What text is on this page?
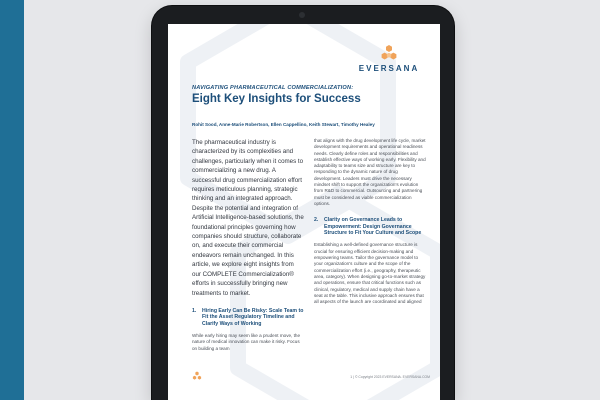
EVERSANA
NAVIGATING PHARMACEUTICAL COMMERCIALIZATION:
Eight Key Insights for Success
Rohit Sood, Anne-Marie Robertson, Ellen Cappellino, Keith Stewart, Timothy Healey

The pharmaceutical industry is characterized by its complexities and challenges, particularly when it comes to commercializing a new drug. A successful drug commercialization effort requires meticulous planning, strategic thinking and an integrated approach. Despite the potential and integration of Artificial Intelligence-based solutions, the foundational principles governing how companies should structure, collaborate on, and execute their commercial endeavors remain unchanged. In this article, we explore eight insights from our COMPLETE Commercialization® efforts in successfully bringing new treatments to market.

1. Hiring Early Can Be Risky: Scale Team to Fit the Asset Regulatory Timeline and Clarify Ways of Working

While early hiring may seem like a prudent move, the nature of medical innovation can make it risky. Focus on building a team

that aligns with the drug development life cycle, market development requirements and operational readiness needs. Clearly define roles and responsibilities and establish effective ways of working early. Flexibility and adaptability to teams size and structure are key to responding to the dynamic nature of drug development. Leaders must drive the necessary mindset shift to support the organization's evolution from R&D to commercial. Outsourcing and partnering must be considered as viable commercialization options.

2. Clarity on Governance Leads to Empowerment: Design Governance Structure to Fit Your Culture and Scope

Establishing a well-defined governance structure is crucial for ensuring efficient decision-making and empowering teams. Tailor the governance model to your organization's culture and the scope of the commercialization effort (i.e., geography, therapeutic area, category). When designing go-to-market strategy and operations, ensure that critical functions such as clinical, regulatory, medical and supply chain have a seat at the table. This inclusive approach ensures that all aspects of the launch are coordinated and aligned

1 | © Copyright 2023 EVERSANA. EVERSANA.COM
